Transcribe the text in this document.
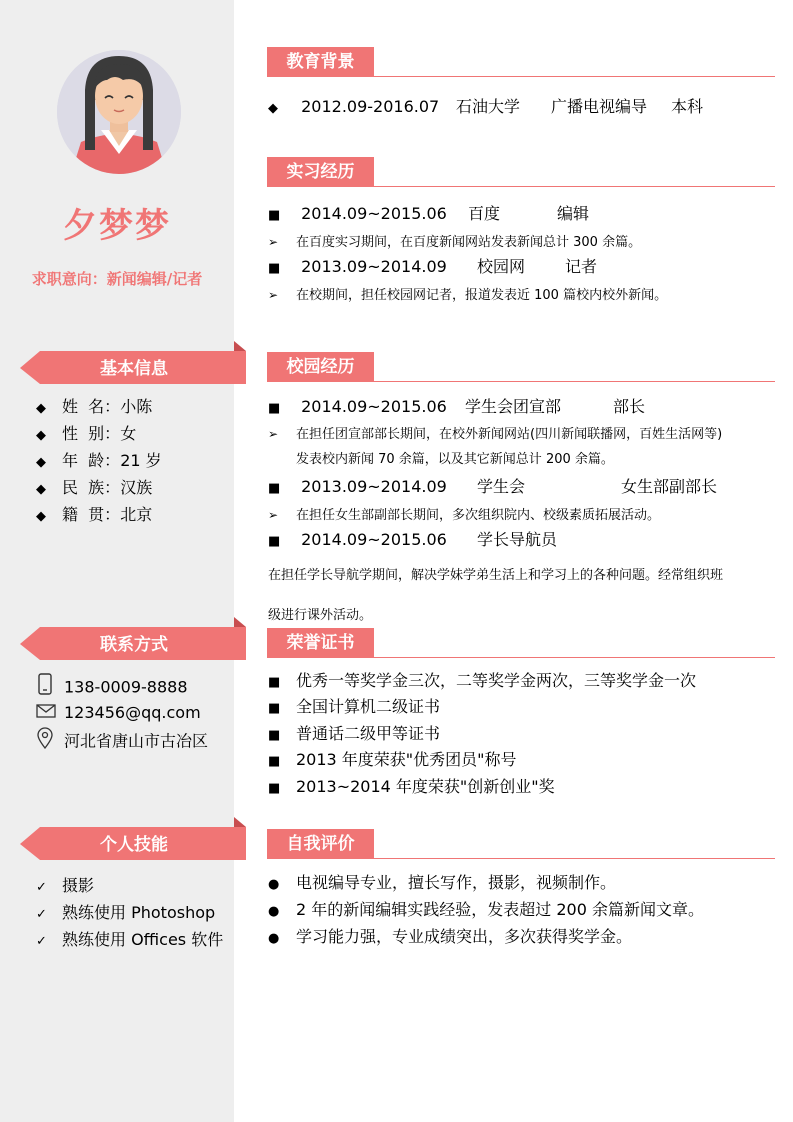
夕梦梦
求职意向：新闻编辑/记者
基本信息
◆ 姓  名：小陈
◆ 性  别：女
◆ 年  龄：21 岁
◆ 民  族：汉族
◆ 籍  贯：北京
联系方式
138-0009-8888
123456@qq.com
河北省唐山市古冶区
个人技能
✓ 摄影
✓ 熟练使用 Photoshop
✓ 熟练使用 Offices 软件
教育背景
◆ 2012.09-2016.07 石油大学 广播电视编导 本科
实习经历
■ 2014.09~2015.06 百度	编辑
➢ 在百度实习期间，在百度新闻网站发表新闻总计 300 余篇。
■ 2013.09~2014.09 校园网 记者
➢ 在校期间，担任校园网记者，报道发表近 100 篇校内校外新闻。
校园经历
■ 2014.09~2015.06 学生会团宣部	部长
➢ 在担任团宣部部长期间，在校外新闻网站(四川新闻联播网，百姓生活网等)
发表校内新闻 70 余篇，以及其它新闻总计 200 余篇。
■ 2013.09~2014.09 学生会	女生部副部长
➢ 在担任女生部副部长期间，多次组织院内、校级素质拓展活动。
■ 2014.09~2015.06 学长导航员
在担任学长导航学期间，解决学妹学弟生活上和学习上的各种问题。经常组织班
级进行课外活动。
荣誉证书
■ 优秀一等奖学金三次，二等奖学金两次，三等奖学金一次
■ 全国计算机二级证书
■ 普通话二级甲等证书
■ 2013 年度荣获"优秀团员"称号
■ 2013~2014 年度荣获"创新创业"奖
自我评价
● 电视编导专业，擅长写作，摄影，视频制作。
● 2 年的新闻编辑实践经验，发表超过 200 余篇新闻文章。
● 学习能力强，专业成绩突出，多次获得奖学金。
